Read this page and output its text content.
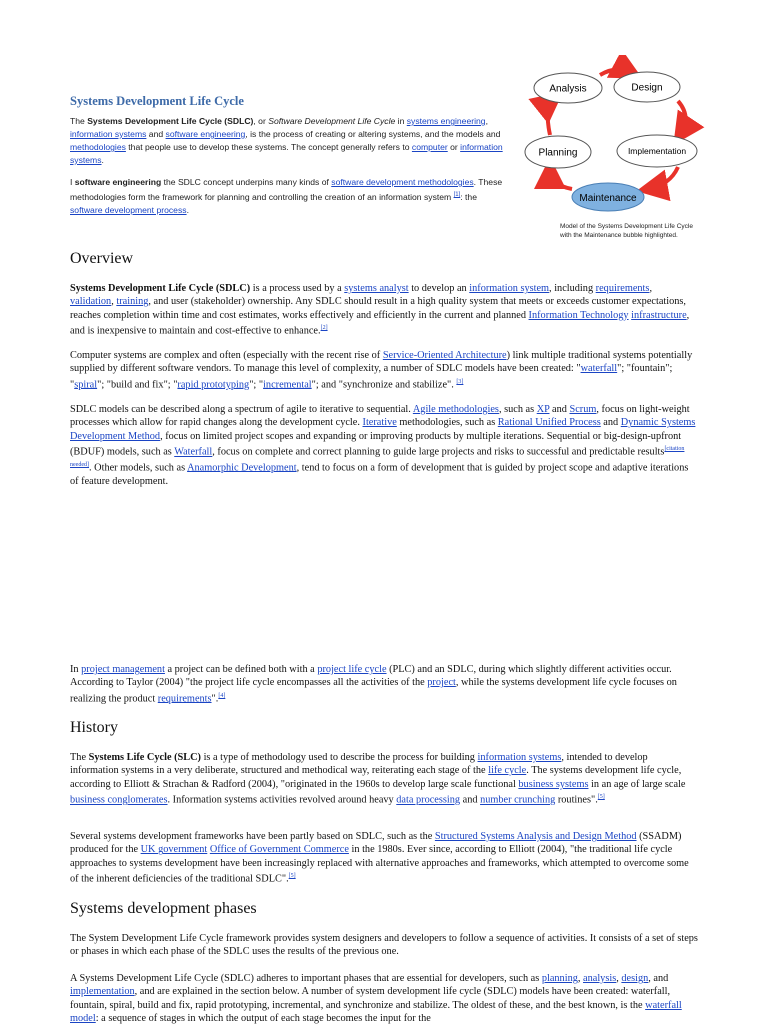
Systems Development Life Cycle

The Systems Development Life Cycle (SDLC), or Software Development Life Cycle in systems engineering, information systems and software engineering, is the process of creating or altering systems, and the models and methodologies that people use to develop these systems. The concept generally refers to computer or information systems.

I software engineering the SDLC concept underpins many kinds of software development methodologies. These methodologies form the framework for planning and controlling the creation of an information system [1]: the software development process.

Analysis	Design
Implementation
Maintenance
Planning
Model of the Systems Development Life Cycle with the Maintenance bubble highlighted.
Overview

Systems Development Life Cycle (SDLC) is a process used by a systems analyst to develop an information system, including requirements, validation, training, and user (stakeholder) ownership. Any SDLC should result in a high quality system that meets or exceeds customer expectations, reaches completion within time and cost estimates, works effectively and efficiently in the current and planned Information Technology infrastructure, and is inexpensive to maintain and cost-effective to enhance.[2]

Computer systems are complex and often (especially with the recent rise of Service-Oriented Architecture) link multiple traditional systems potentially supplied by different software vendors. To manage this level of complexity, a number of SDLC models have been created: "waterfall"; "fountain"; "spiral"; "build and fix"; "rapid prototyping"; "incremental"; and "synchronize and stabilize". [3]

SDLC models can be described along a spectrum of agile to iterative to sequential. Agile methodologies, such as XP and Scrum, focus on light-weight processes which allow for rapid changes along the development cycle. Iterative methodologies, such as Rational Unified Process and Dynamic Systems Development Method, focus on limited project scopes and expanding or improving products by multiple iterations. Sequential or big-design-upfront (BDUF) models, such as Waterfall, focus on complete and correct planning to guide large projects and risks to successful and predictable results[citation needed]. Other models, such as Anamorphic Development, tend to focus on a form of development that is guided by project scope and adaptive iterations of feature development.

In project management a project can be defined both with a project life cycle (PLC) and an SDLC, during which slightly different activities occur. According to Taylor (2004) "the project life cycle encompasses all the activities of the project, while the systems development life cycle focuses on realizing the product requirements".[4]

History

The Systems Life Cycle (SLC) is a type of methodology used to describe the process for building information systems, intended to develop information systems in a very deliberate, structured and methodical way, reiterating each stage of the life cycle. The systems development life cycle, according to Elliott & Strachan & Radford (2004), "originated in the 1960s to develop large scale functional business systems in an age of large scale business conglomerates. Information systems activities revolved around heavy data processing and number crunching routines".[5]

Several systems development frameworks have been partly based on SDLC, such as the Structured Systems Analysis and Design Method (SSADM) produced for the UK government Office of Government Commerce in the 1980s. Ever since, according to Elliott (2004), "the traditional life cycle approaches to systems development have been increasingly replaced with alternative approaches and frameworks, which attempted to overcome some of the inherent deficiencies of the traditional SDLC".[5]

Systems development phases

The System Development Life Cycle framework provides system designers and developers to follow a sequence of activities. It consists of a set of steps or phases in which each phase of the SDLC uses the results of the previous one.

A Systems Development Life Cycle (SDLC) adheres to important phases that are essential for developers, such as planning, analysis, design, and implementation, and are explained in the section below. A number of system development life cycle (SDLC) models have been created: waterfall, fountain, spiral, build and fix, rapid prototyping, incremental, and synchronize and stabilize. The oldest of these, and the best known, is the waterfall model: a sequence of stages in which the output of each stage becomes the input for the
